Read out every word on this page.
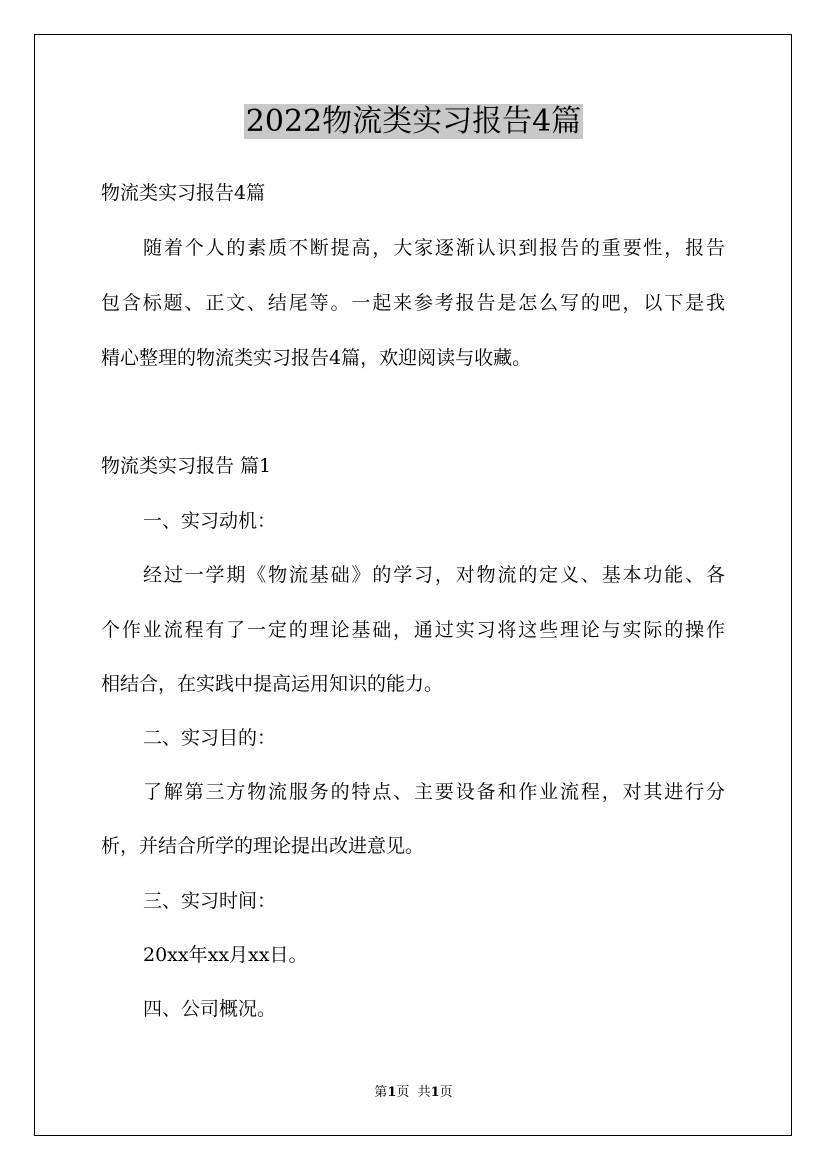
2022物流类实习报告4篇

物流类实习报告4篇

随着个人的素质不断提高，大家逐渐认识到报告的重要性，报告

包含标题、正文、结尾等。一起来参考报告是怎么写的吧，以下是我

精心整理的物流类实习报告4篇，欢迎阅读与收藏。

物流类实习报告 篇1

一、实习动机：

经过一学期《物流基础》的学习，对物流的定义、基本功能、各

个作业流程有了一定的理论基础，通过实习将这些理论与实际的操作

相结合，在实践中提高运用知识的能力。

二、实习目的：

了解第三方物流服务的特点、主要设备和作业流程，对其进行分

析，并结合所学的理论提出改进意见。

三、实习时间：

20xx年xx月xx日。

四、公司概况。

第1页  共1页
